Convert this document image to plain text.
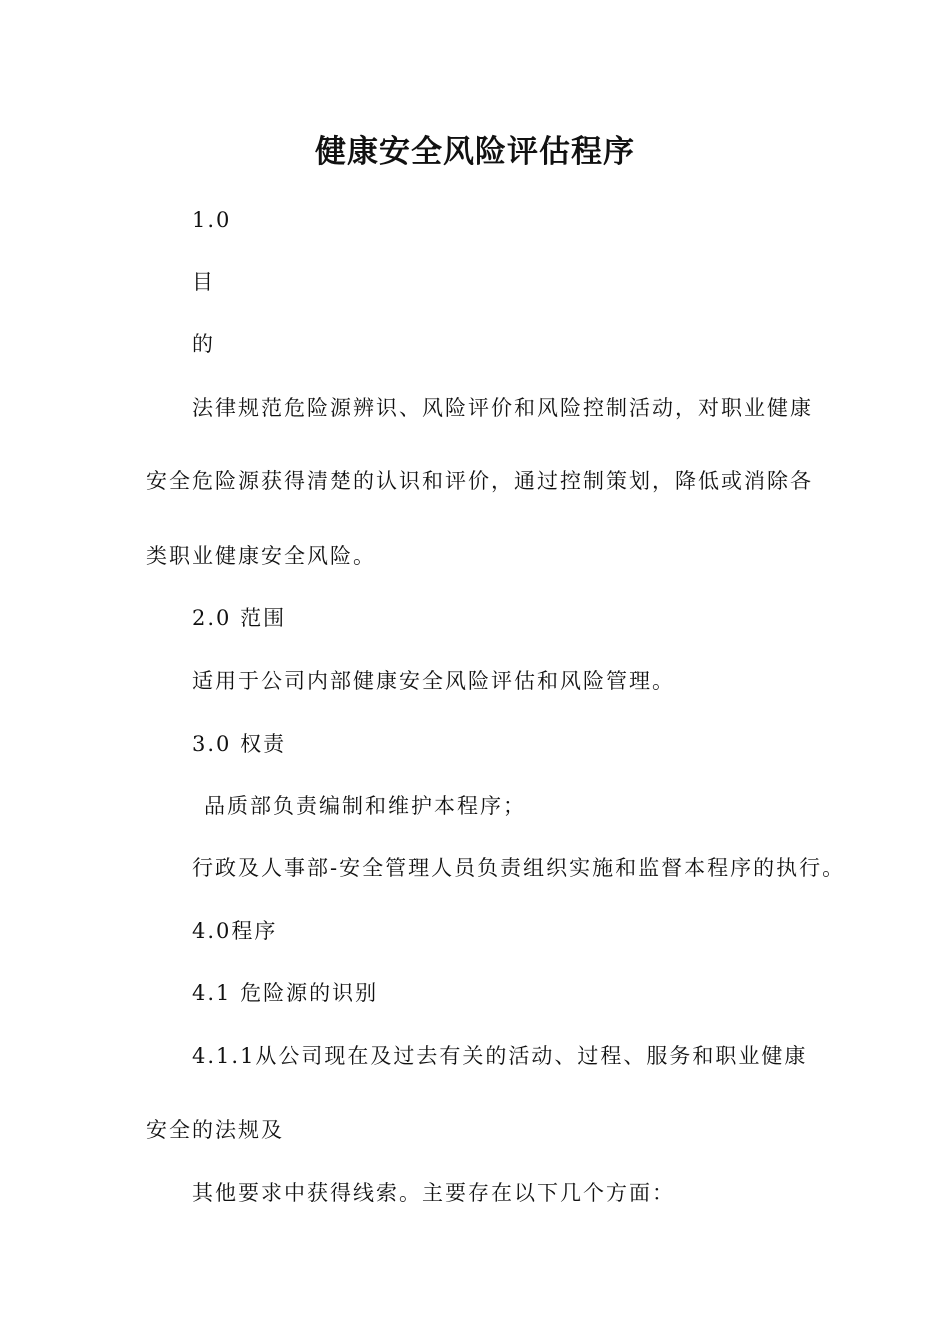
健康安全风险评估程序
1.0
目
的
法律规范危险源辨识、风险评价和风险控制活动，对职业健康
安全危险源获得清楚的认识和评价，通过控制策划，降低或消除各
类职业健康安全风险。
2.0 范围
适用于公司内部健康安全风险评估和风险管理。
3.0 权责
品质部负责编制和维护本程序；
行政及人事部-安全管理人员负责组织实施和监督本程序的执行。
4.0程序
4.1 危险源的识别
4.1.1从公司现在及过去有关的活动、过程、服务和职业健康
安全的法规及
其他要求中获得线索。主要存在以下几个方面：
